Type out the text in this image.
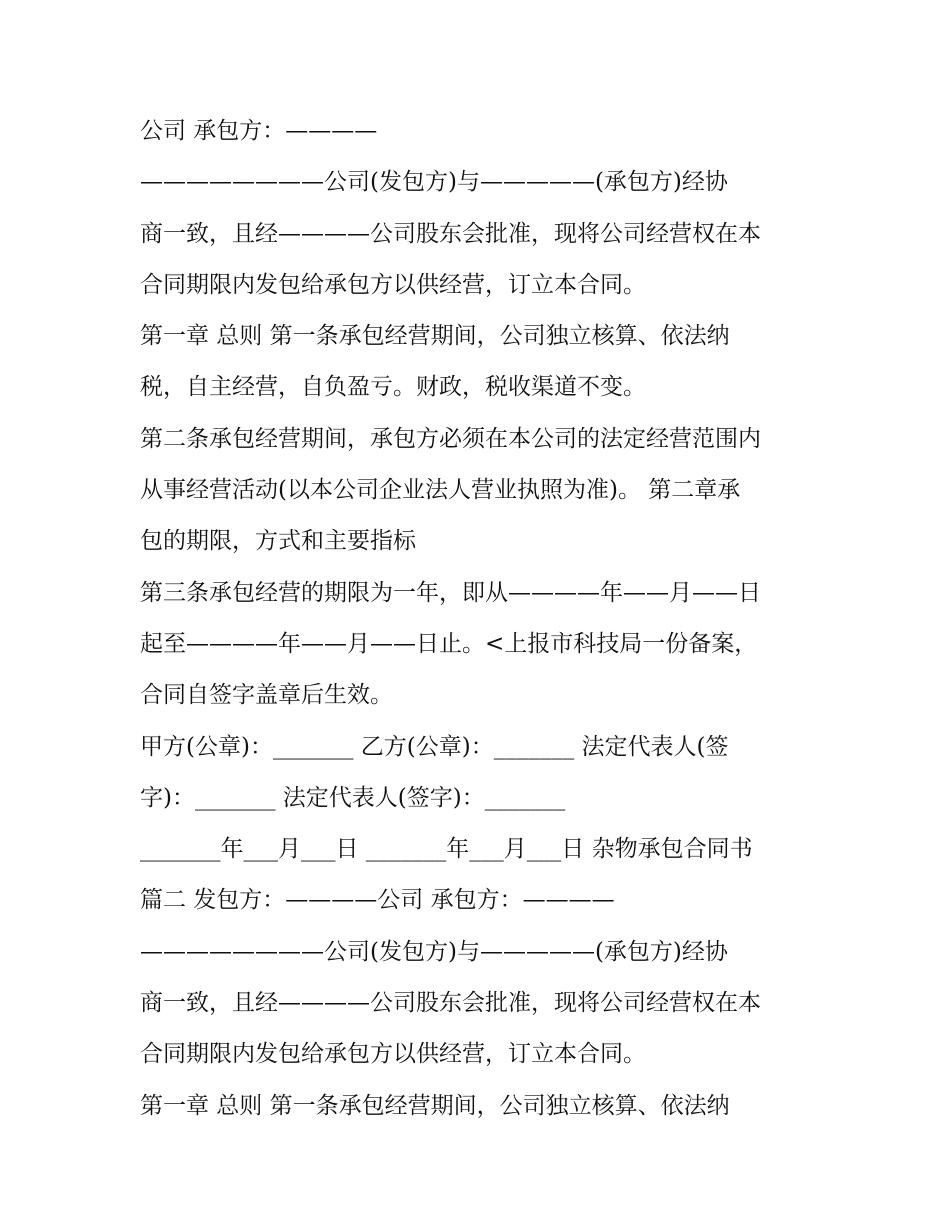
公司 承包方：————
————————公司(发包方)与—————(承包方)经协
商一致，且经————公司股东会批准，现将公司经营权在本
合同期限内发包给承包方以供经营，订立本合同。
第一章 总则 第一条承包经营期间，公司独立核算、依法纳
税，自主经营，自负盈亏。财政，税收渠道不变。
第二条承包经营期间，承包方必须在本公司的法定经营范围内
从事经营活动(以本公司企业法人营业执照为准)。 第二章承
包的期限，方式和主要指标
第三条承包经营的期限为一年，即从————年——月——日
起至————年——月——日止。<上报市科技局一份备案，
合同自签字盖章后生效。
甲方(公章)：_______ 乙方(公章)：_______ 法定代表人(签
字)：_______ 法定代表人(签字)：_______
_______年___月___日 _______年___月___日 杂物承包合同书
篇二 发包方：————公司 承包方：————
————————公司(发包方)与—————(承包方)经协
商一致，且经————公司股东会批准，现将公司经营权在本
合同期限内发包给承包方以供经营，订立本合同。
第一章 总则 第一条承包经营期间，公司独立核算、依法纳
